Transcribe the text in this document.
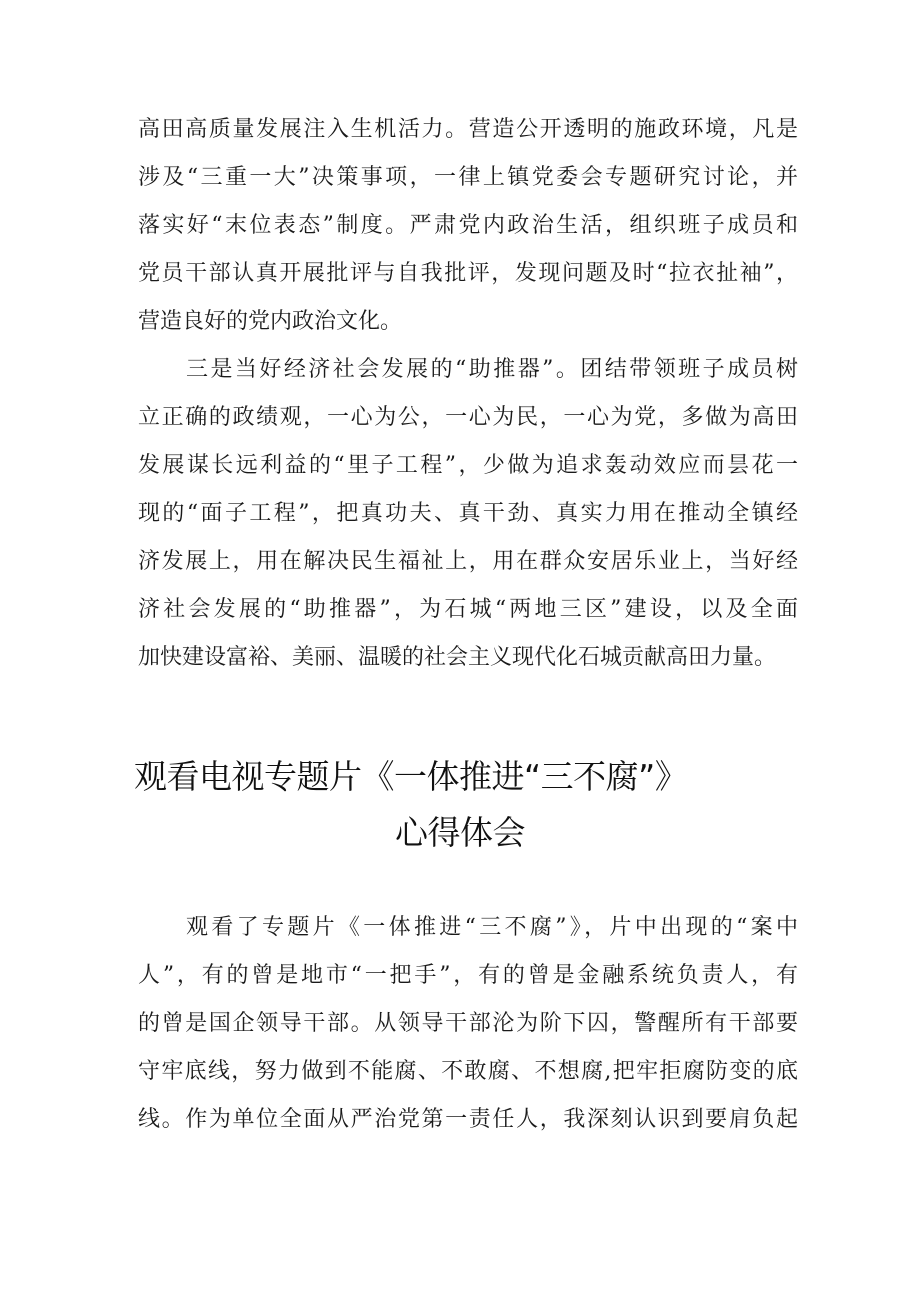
高田高质量发展注入生机活力。营造公开透明的施政环境，凡是
涉及“三重一大”决策事项，一律上镇党委会专题研究讨论，并
落实好“末位表态”制度。严肃党内政治生活，组织班子成员和
党员干部认真开展批评与自我批评，发现问题及时“拉衣扯袖”，
营造良好的党内政治文化。
三是当好经济社会发展的“助推器”。团结带领班子成员树
立正确的政绩观，一心为公，一心为民，一心为党，多做为高田
发展谋长远利益的“里子工程”，少做为追求轰动效应而昙花一
现的“面子工程”，把真功夫、真干劲、真实力用在推动全镇经
济发展上，用在解决民生福祉上，用在群众安居乐业上，当好经
济社会发展的“助推器”，为石城“两地三区”建设，以及全面
加快建设富裕、美丽、温暖的社会主义现代化石城贡献高田力量。
观看电视专题片《一体推进“三不腐”》
心得体会
观看了专题片《一体推进“三不腐”》，片中出现的“案中
人”，有的曾是地市“一把手”，有的曾是金融系统负责人，有
的曾是国企领导干部。从领导干部沦为阶下囚，警醒所有干部要
守牢底线，努力做到不能腐、不敢腐、不想腐,把牢拒腐防变的底
线。作为单位全面从严治党第一责任人，我深刻认识到要肩负起
